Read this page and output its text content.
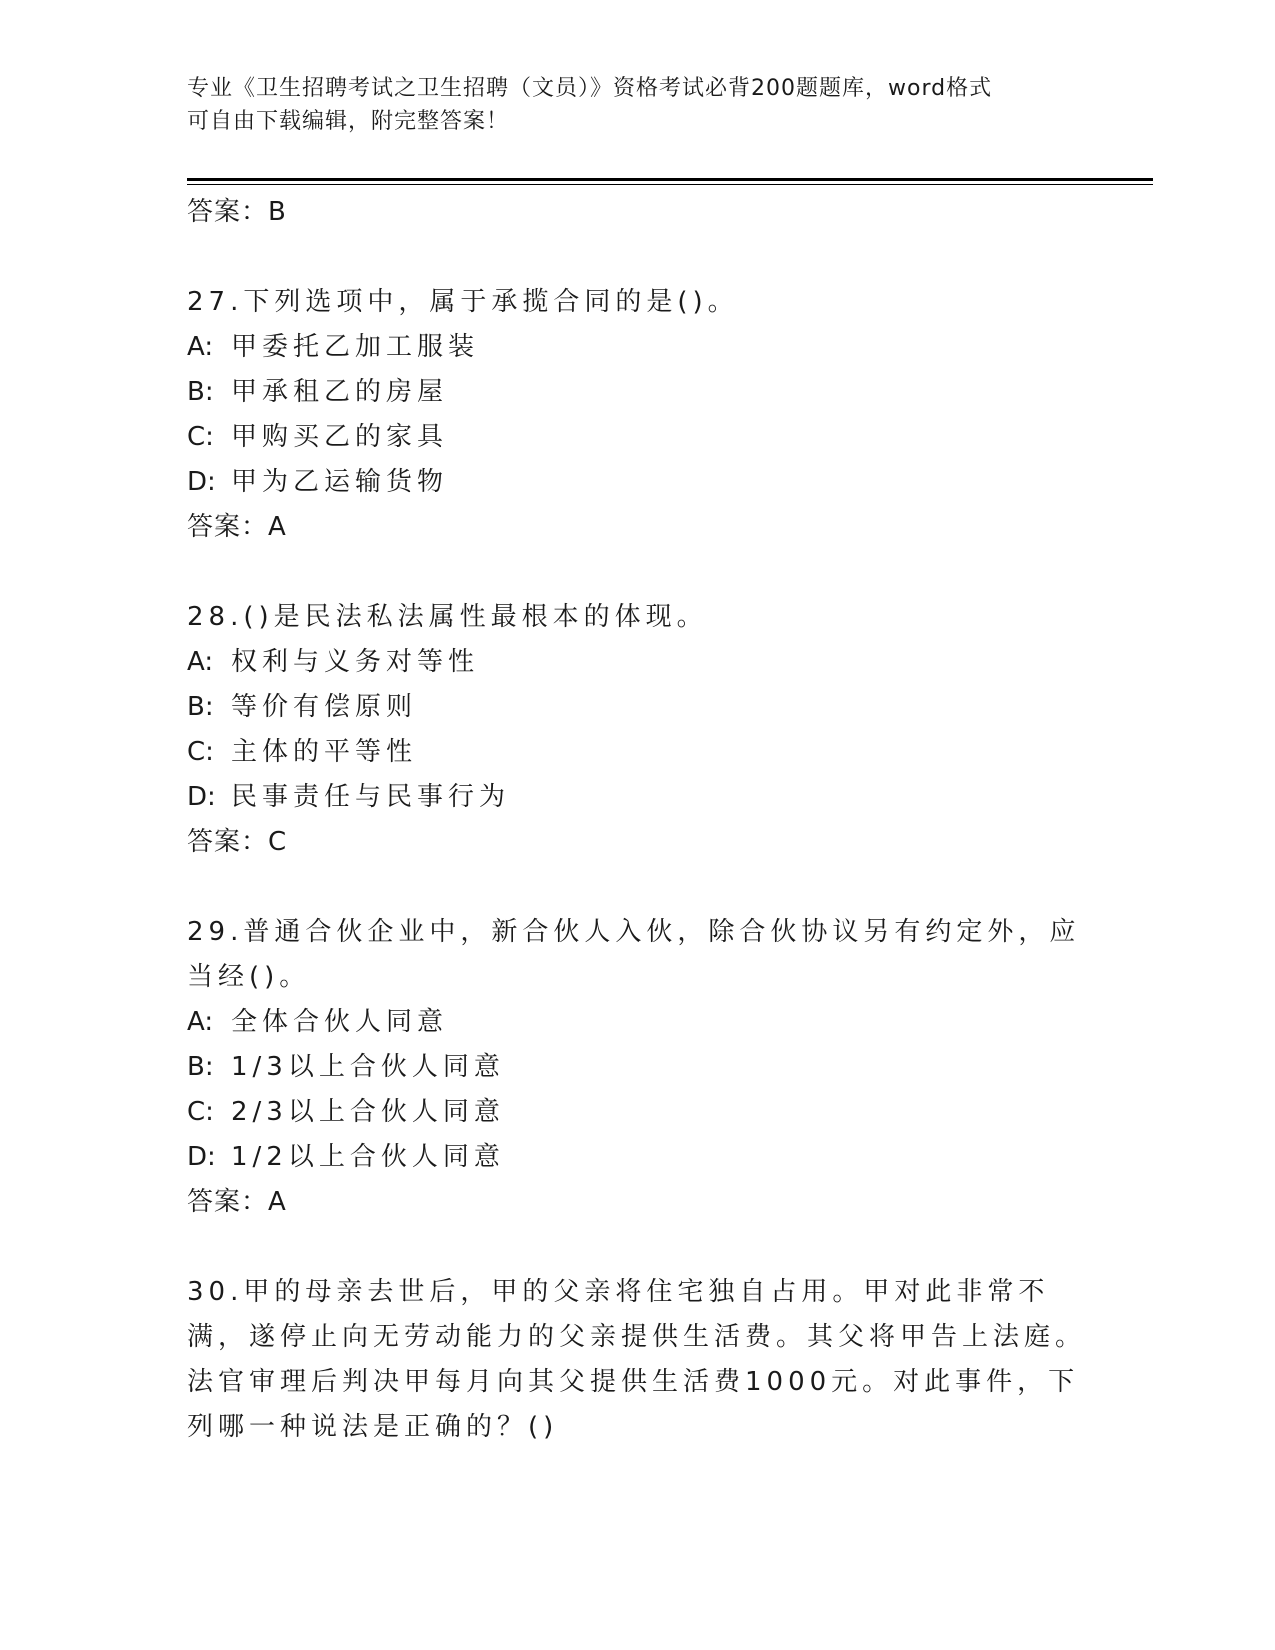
专业《卫生招聘考试之卫生招聘（文员）》资格考试必背200题题库，word格式
可自由下载编辑，附完整答案！
答案：B
27.下列选项中，属于承揽合同的是()。
A: 甲委托乙加工服装
B: 甲承租乙的房屋
C: 甲购买乙的家具
D: 甲为乙运输货物
答案：A
28.()是民法私法属性最根本的体现。
A: 权利与义务对等性
B: 等价有偿原则
C: 主体的平等性
D: 民事责任与民事行为
答案：C
29.普通合伙企业中，新合伙人入伙，除合伙协议另有约定外，应当经()。
A: 全体合伙人同意
B: 1/3以上合伙人同意
C: 2/3以上合伙人同意
D: 1/2以上合伙人同意
答案：A
30.甲的母亲去世后，甲的父亲将住宅独自占用。甲对此非常不满，遂停止向无劳动能力的父亲提供生活费。其父将甲告上法庭。法官审理后判决甲每月向其父提供生活费1000元。对此事件，下列哪一种说法是正确的？()
